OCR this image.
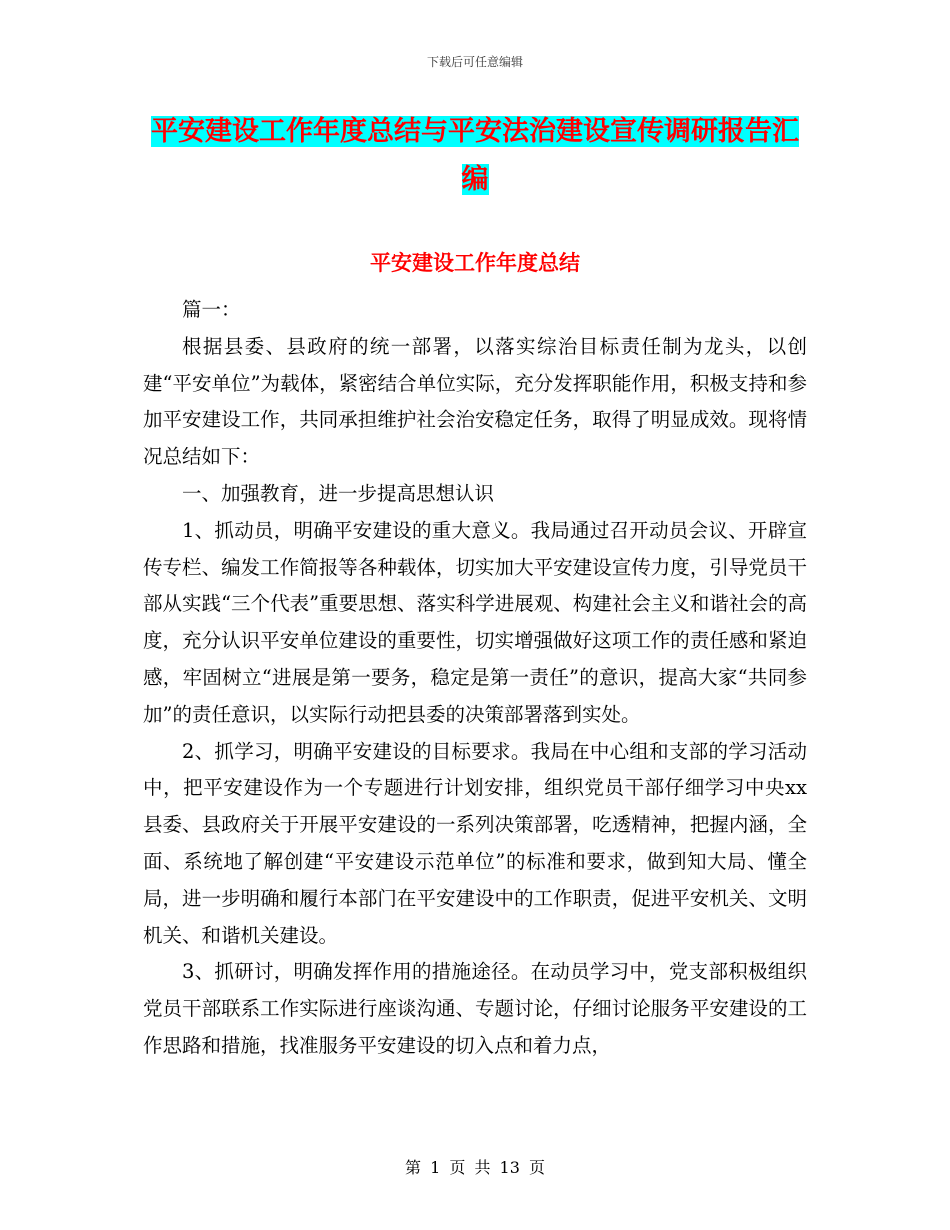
下载后可任意编辑
平安建设工作年度总结与平安法治建设宣传调研报告汇编
平安建设工作年度总结

篇一：

根据县委、县政府的统一部署，以落实综治目标责任制为龙头，以创建“平安单位”为载体，紧密结合单位实际，充分发挥职能作用，积极支持和参加平安建设工作，共同承担维护社会治安稳定任务，取得了明显成效。现将情况总结如下：

一、加强教育，进一步提高思想认识

1、抓动员，明确平安建设的重大意义。我局通过召开动员会议、开辟宣传专栏、编发工作简报等各种载体，切实加大平安建设宣传力度，引导党员干部从实践“三个代表”重要思想、落实科学进展观、构建社会主义和谐社会的高度，充分认识平安单位建设的重要性，切实增强做好这项工作的责任感和紧迫感，牢固树立“进展是第一要务，稳定是第一责任”的意识，提高大家“共同参加”的责任意识，以实际行动把县委的决策部署落到实处。

2、抓学习，明确平安建设的目标要求。我局在中心组和支部的学习活动中，把平安建设作为一个专题进行计划安排，组织党员干部仔细学习中央xx县委、县政府关于开展平安建设的一系列决策部署，吃透精神，把握内涵，全面、系统地了解创建“平安建设示范单位”的标准和要求，做到知大局、懂全局，进一步明确和履行本部门在平安建设中的工作职责，促进平安机关、文明机关、和谐机关建设。

3、抓研讨，明确发挥作用的措施途径。在动员学习中，党支部积极组织党员干部联系工作实际进行座谈沟通、专题讨论，仔细讨论服务平安建设的工作思路和措施，找准服务平安建设的切入点和着力点，

第 1 页 共 13 页
